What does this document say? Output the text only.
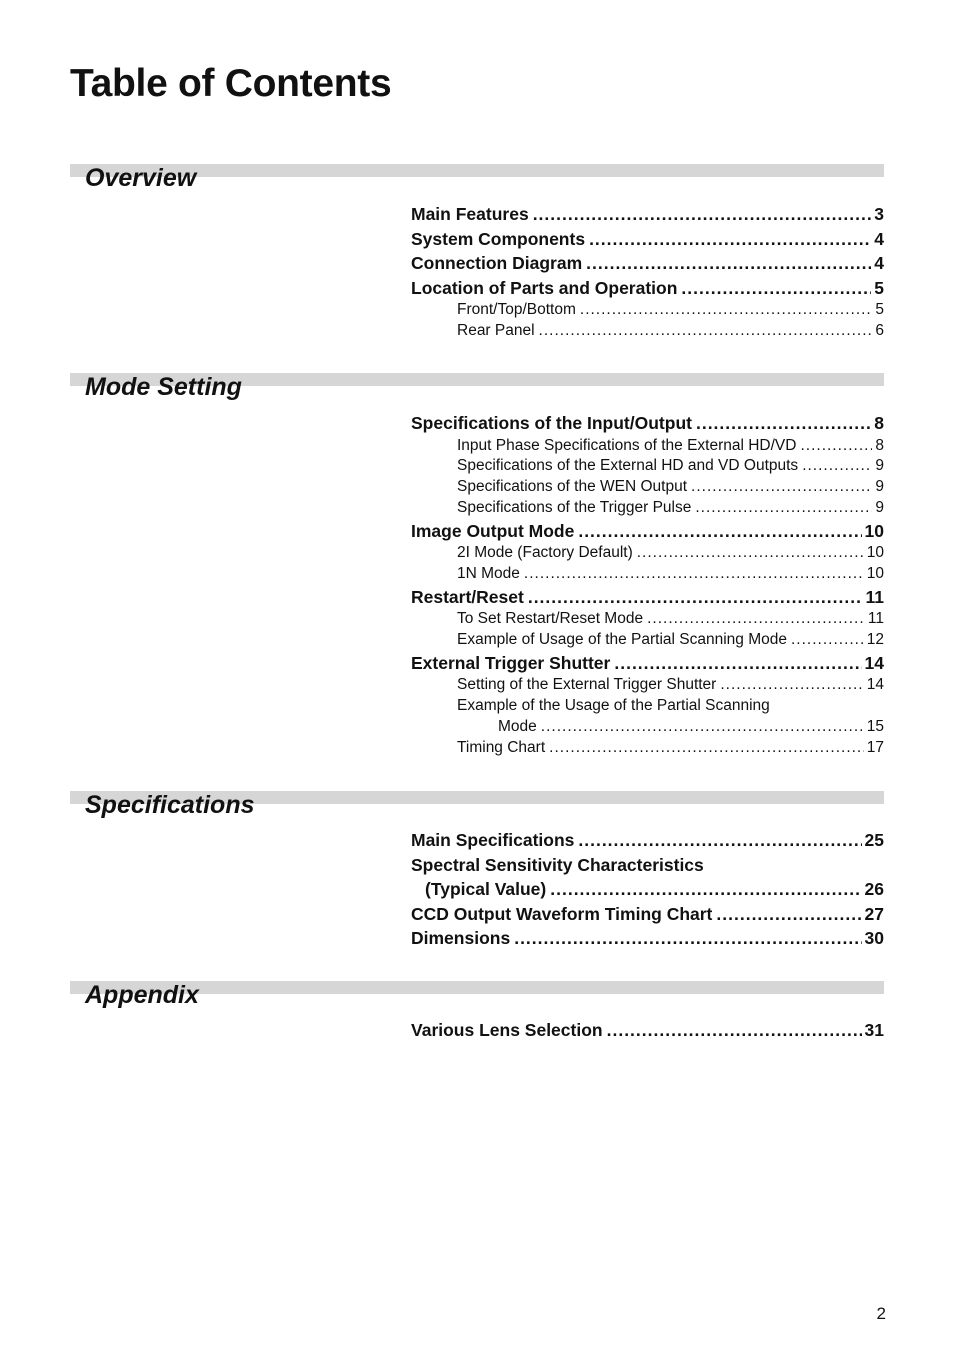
Table of Contents
Overview
Main Features .....	3
System Components .....	4
Connection Diagram .....	4
Location of Parts and Operation .....	5
Front/Top/Bottom .....	5
Rear Panel .....	6
Mode Setting
Specifications of the Input/Output .....	8
Input Phase Specifications of the External HD/VD .....	8
Specifications of the External HD and VD Outputs .....	9
Specifications of the WEN Output .....	9
Specifications of the Trigger Pulse .....	9
Image Output Mode .....	10
2I Mode (Factory Default) .....	10
1N Mode .....	10
Restart/Reset .....	11
To Set Restart/Reset Mode .....	11
Example of Usage of the Partial Scanning Mode .....	12
External Trigger Shutter .....	14
Setting of the External Trigger Shutter .....	14
Example of the Usage of the Partial Scanning
Mode .....	15
Timing Chart .....	17
Specifications
Main Specifications .....	25
Spectral Sensitivity Characteristics
(Typical Value) .....	26
CCD Output Waveform Timing Chart .....	27
Dimensions .....	30
Appendix
Various Lens Selection .....	31
2
